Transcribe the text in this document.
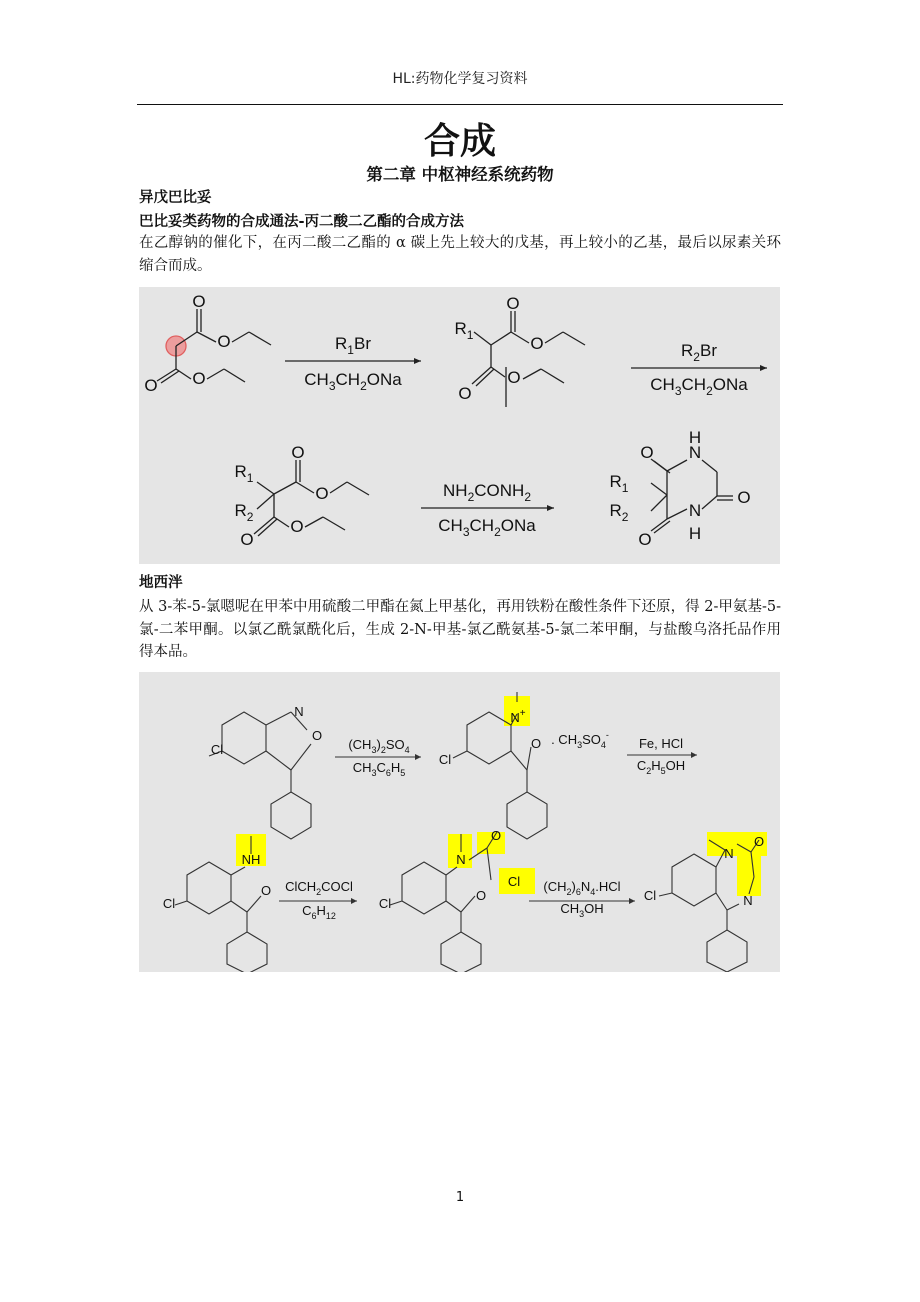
HL:药物化学复习资料
合成
第二章 中枢神经系统药物
异戊巴比妥
巴比妥类药物的合成通法-丙二酸二乙酯的合成方法
在乙醇钠的催化下，在丙二酸二乙酯的 α 碳上先上较大的戊基，再上较小的乙基，最后以尿素关环缩合而成。
O
O
O O
$R_1$
O
O
O
O
$R_1$
$R_2$
O
O
O
O
O N
H
O
N
H
O
$R_1$
$R_2$
$R_1Br$
$CH_3CH_2ONa$
$R_2Br$
$CH_3CH_2ONa$
$NH_2CONH_2$
$CH_3CH_2ONa$
地西泮
从 3-苯-5-氯嗯呢在甲苯中用硫酸二甲酯在氮上甲基化，再用铁粉在酸性条件下还原，得 2-甲氨基-5-氯-二苯甲酮。以氯乙酰氯酰化后，生成 2-N-甲基-氯乙酰氨基-5-氯二苯甲酮，与盐酸乌洛托品作用得本品。
N
O
Cl
N+
O
Cl
NH
O
Cl
N
O
Cl
O
Cl
N
O
N
Cl
. $CH_3SO_4^-$
$(CH_3)_2SO_4$
$CH_3C_6H_5$
Fe, HCl
$C_2H_5OH$
ClCH$_2$COCl
$C_6H_{12}$
$(CH_2)_6N_4.HCl$
$CH_3OH$
1
